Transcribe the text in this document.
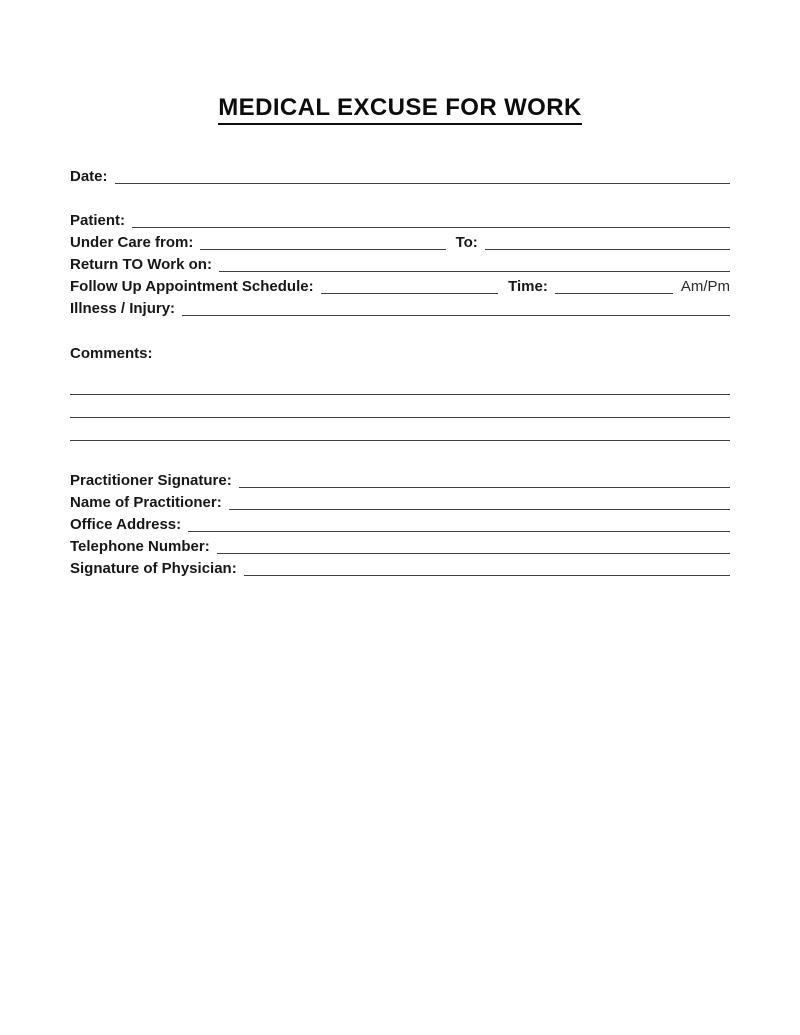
MEDICAL EXCUSE FOR WORK
Date:
Patient:
Under Care from:	To:
Return TO Work on:
Follow Up Appointment Schedule:	Time:	Am/Pm
Illness / Injury:
Comments:
Practitioner Signature:
Name of Practitioner:
Office Address:
Telephone Number:
Signature of Physician:
